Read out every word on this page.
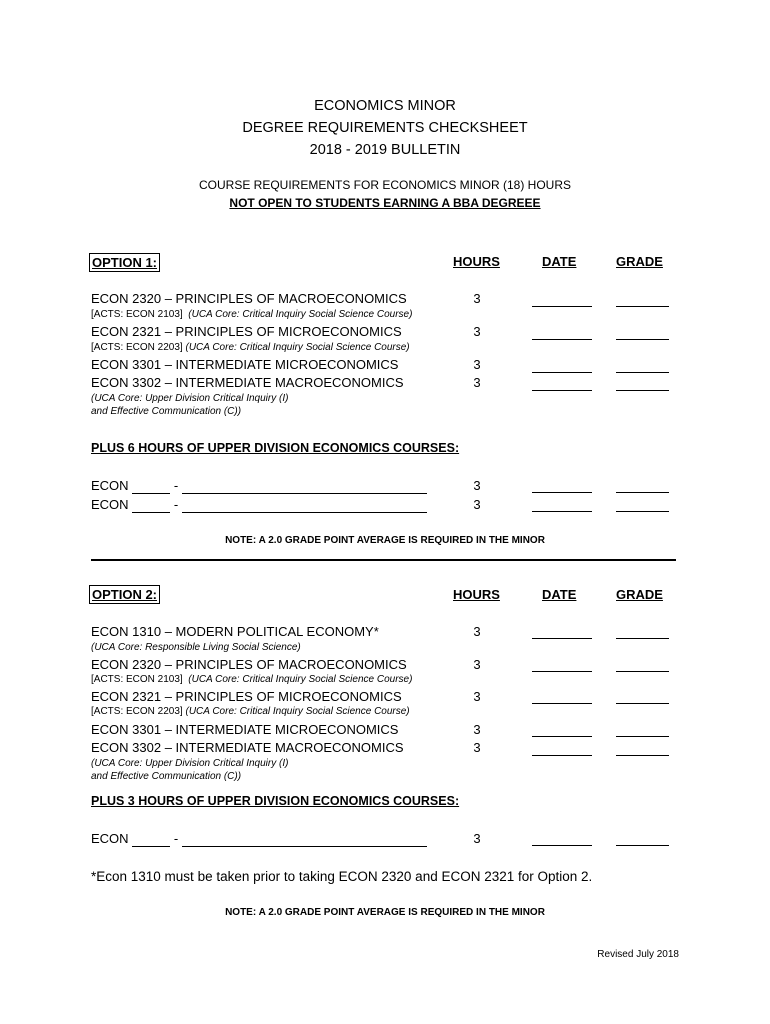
ECONOMICS MINOR
DEGREE REQUIREMENTS CHECKSHEET
2018 - 2019 BULLETIN
COURSE REQUIREMENTS FOR ECONOMICS MINOR (18) HOURS
NOT OPEN TO STUDENTS EARNING A BBA DEGREEE
OPTION 1:	HOURS	DATE	GRADE
ECON 2320 – PRINCIPLES OF MACROECONOMICS	3
[ACTS: ECON 2103] (UCA Core: Critical Inquiry Social Science Course)
ECON 2321 – PRINCIPLES OF MICROECONOMICS	3
[ACTS: ECON 2203] (UCA Core: Critical Inquiry Social Science Course)
ECON 3301 – INTERMEDIATE MICROECONOMICS	3
ECON 3302 – INTERMEDIATE MACROECONOMICS	3
(UCA Core: Upper Division Critical Inquiry (I)
and Effective Communication (C))
PLUS 6 HOURS OF UPPER DIVISION ECONOMICS COURSES:
ECON	-	3
ECON	-	3
NOTE: A 2.0 GRADE POINT AVERAGE IS REQUIRED IN THE MINOR
OPTION 2:	HOURS	DATE	GRADE
ECON 1310 – MODERN POLITICAL ECONOMY*	3
(UCA Core: Responsible Living Social Science)
ECON 2320 – PRINCIPLES OF MACROECONOMICS	3
[ACTS: ECON 2103] (UCA Core: Critical Inquiry Social Science Course)
ECON 2321 – PRINCIPLES OF MICROECONOMICS	3
[ACTS: ECON 2203] (UCA Core: Critical Inquiry Social Science Course)
ECON 3301 – INTERMEDIATE MICROECONOMICS	3
ECON 3302 – INTERMEDIATE MACROECONOMICS	3
(UCA Core: Upper Division Critical Inquiry (I)
and Effective Communication (C))
PLUS 3 HOURS OF UPPER DIVISION ECONOMICS COURSES:
ECON	-	3
*Econ 1310 must be taken prior to taking ECON 2320 and ECON 2321 for Option 2.
NOTE: A 2.0 GRADE POINT AVERAGE IS REQUIRED IN THE MINOR
Revised July 2018
